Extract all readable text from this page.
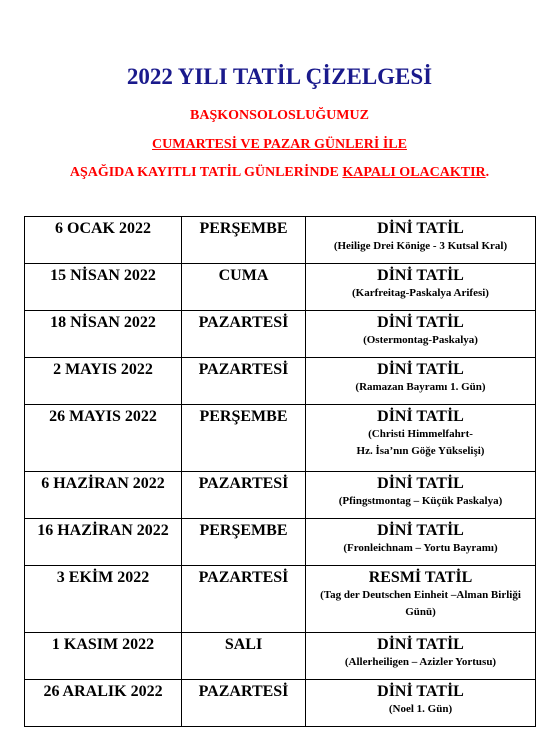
2022 YILI TATİL ÇİZELGESİ

BAŞKONSOLOSLUĞUMUZ

CUMARTESİ VE PAZAR GÜNLERİ İLE

AŞAĞIDA KAYITLI TATİL GÜNLERİNDE KAPALI OLACAKTIR.

6 OCAK 2022	PERŞEMBE	DİNİ TATİL
(Heilige Drei Könige - 3 Kutsal Kral)

15 NİSAN 2022	CUMA	DİNİ TATİL
(Karfreitag-Paskalya Arifesi)

18 NİSAN 2022	PAZARTESİ	DİNİ TATİL
(Ostermontag-Paskalya)

2 MAYIS 2022	PAZARTESİ	DİNİ TATİL
(Ramazan Bayramı 1. Gün)

26 MAYIS 2022	PERŞEMBE	DİNİ TATİL
(Christi Himmelfahrt-
Hz. İsa’nın Göğe Yükselişi)

6 HAZİRAN 2022	PAZARTESİ	DİNİ TATİL
(Pfingstmontag – Küçük Paskalya)

16 HAZİRAN 2022	PERŞEMBE	DİNİ TATİL
(Fronleichnam – Yortu Bayramı)

3 EKİM 2022	PAZARTESİ	RESMİ TATİL
(Tag der Deutschen Einheit –Alman Birliği
Günü)

1 KASIM 2022	SALI	DİNİ TATİL
(Allerheiligen – Azizler Yortusu)

26 ARALIK 2022	PAZARTESİ	DİNİ TATİL
(Noel 1. Gün)
